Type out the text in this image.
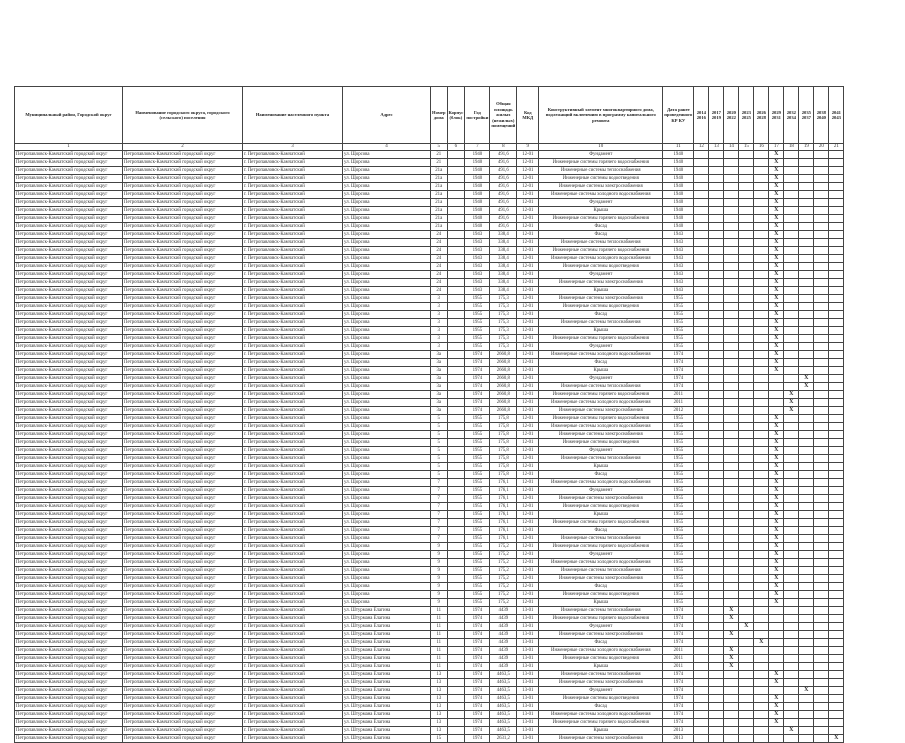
Муниципальный район, Городской округ	Наименование городского округа, городского (сельского) поселения	Наименование населенного пункта	Адрес	Номер дома	Корпус (блок)	Год постройки	Общая площадь жилых (нежилых) помещений	Код МКД	Конструктивный элемент многоквартирного дома, подлежащий включению в программу капитального ремонта	Дата ранее проведенного КР КУ	2014 2016	2017 2019	2020 2022	2023 2025	2026 2028	2029 2031	2032 2034	2035 2037	2038 2040	2041 2043
1	2	3	4	5	6	7	8	9	10	11	12	13	14	15	16	17	18	19	20	21
Петропавловск-Камчатский городской округ	Петропавловск-Камчатский городской округ	г. Петропавловск-Камчатский	ул. Щорсова	21		1940	491,6	12-01	Фундамент	1940						X				
Петропавловск-Камчатский городской округ	Петропавловск-Камчатский городской округ	г. Петропавловск-Камчатский	ул. Щорсова	21		1940	491,6	12-01	Инженерные системы горячего водоснабжения	1940						X				
Петропавловск-Камчатский городской округ	Петропавловск-Камчатский городской округ	г. Петропавловск-Камчатский	ул. Щорсова	21а		1940	491,6	12-01	Инженерные системы теплоснабжения	1940						X				
Петропавловск-Камчатский городской округ	Петропавловск-Камчатский городской округ	г. Петропавловск-Камчатский	ул. Щорсова	21а		1940	491,6	12-01	Инженерные системы водоотведения	1940						X				
Петропавловск-Камчатский городской округ	Петропавловск-Камчатский городской округ	г. Петропавловск-Камчатский	ул. Щорсова	21а		1940	491,6	12-01	Инженерные системы электроснабжения	1940						X				
Петропавловск-Камчатский городской округ	Петропавловск-Камчатский городской округ	г. Петропавловск-Камчатский	ул. Щорсова	21а		1940	491,6	12-01	Инженерные системы холодного водоснабжения	1940						X				
Петропавловск-Камчатский городской округ	Петропавловск-Камчатский городской округ	г. Петропавловск-Камчатский	ул. Щорсова	21а		1940	491,6	12-01	Фундамент	1940						X				
Петропавловск-Камчатский городской округ	Петропавловск-Камчатский городской округ	г. Петропавловск-Камчатский	ул. Щорсова	21а		1940	491,6	12-01	Крыша	1940						X				
Петропавловск-Камчатский городской округ	Петропавловск-Камчатский городской округ	г. Петропавловск-Камчатский	ул. Щорсова	21а		1940	491,6	12-01	Инженерные системы горячего водоснабжения	1940						X				
Петропавловск-Камчатский городской округ	Петропавловск-Камчатский городской округ	г. Петропавловск-Камчатский	ул. Щорсова	21а		1940	491,6	12-01	Фасад	1940						X				
Петропавловск-Камчатский городской округ	Петропавловск-Камчатский городской округ	г. Петропавловск-Камчатский	ул. Щорсова	24		1943	338,4	12-01	Фасад	1943						X				
Петропавловск-Камчатский городской округ	Петропавловск-Камчатский городской округ	г. Петропавловск-Камчатский	ул. Щорсова	24		1943	338,4	12-01	Инженерные системы теплоснабжения	1943						X				
Петропавловск-Камчатский городской округ	Петропавловск-Камчатский городской округ	г. Петропавловск-Камчатский	ул. Щорсова	24		1943	338,4	12-01	Инженерные системы горячего водоснабжения	1943						X				
Петропавловск-Камчатский городской округ	Петропавловск-Камчатский городской округ	г. Петропавловск-Камчатский	ул. Щорсова	24		1943	338,4	12-01	Инженерные системы холодного водоснабжения	1943						X				
Петропавловск-Камчатский городской округ	Петропавловск-Камчатский городской округ	г. Петропавловск-Камчатский	ул. Щорсова	24		1943	338,4	12-01	Инженерные системы водоотведения	1943						X				
Петропавловск-Камчатский городской округ	Петропавловск-Камчатский городской округ	г. Петропавловск-Камчатский	ул. Щорсова	24		1943	338,4	12-01	Фундамент	1943						X				
Петропавловск-Камчатский городской округ	Петропавловск-Камчатский городской округ	г. Петропавловск-Камчатский	ул. Щорсова	24		1943	338,4	12-01	Инженерные системы электроснабжения	1943						X				
Петропавловск-Камчатский городской округ	Петропавловск-Камчатский городской округ	г. Петропавловск-Камчатский	ул. Щорсова	24		1943	338,4	12-01	Крыша	1943						X				
Петропавловск-Камчатский городской округ	Петропавловск-Камчатский городской округ	г. Петропавловск-Камчатский	ул. Щорсова	3		1955	175,3	12-01	Инженерные системы электроснабжения	1955						X				
Петропавловск-Камчатский городской округ	Петропавловск-Камчатский городской округ	г. Петропавловск-Камчатский	ул. Щорсова	3		1955	175,3	12-01	Инженерные системы водоотведения	1955						X				
Петропавловск-Камчатский городской округ	Петропавловск-Камчатский городской округ	г. Петропавловск-Камчатский	ул. Щорсова	3		1955	175,3	12-01	Фасад	1955						X				
Петропавловск-Камчатский городской округ	Петропавловск-Камчатский городской округ	г. Петропавловск-Камчатский	ул. Щорсова	3		1955	175,3	12-01	Инженерные системы теплоснабжения	1955						X				
Петропавловск-Камчатский городской округ	Петропавловск-Камчатский городской округ	г. Петропавловск-Камчатский	ул. Щорсова	3		1955	175,3	12-01	Крыша	1955						X				
Петропавловск-Камчатский городской округ	Петропавловск-Камчатский городской округ	г. Петропавловск-Камчатский	ул. Щорсова	3		1955	175,3	12-01	Инженерные системы горячего водоснабжения	1955						X				
Петропавловск-Камчатский городской округ	Петропавловск-Камчатский городской округ	г. Петропавловск-Камчатский	ул. Щорсова	3		1955	175,3	12-01	Фундамент	1955						X				
Петропавловск-Камчатский городской округ	Петропавловск-Камчатский городской округ	г. Петропавловск-Камчатский	ул. Щорсова	3а		1974	2660,8	12-01	Инженерные системы холодного водоснабжения	1974						X				
Петропавловск-Камчатский городской округ	Петропавловск-Камчатский городской округ	г. Петропавловск-Камчатский	ул. Щорсова	3а		1974	2660,8	12-01	Фасад	1974						X				
Петропавловск-Камчатский городской округ	Петропавловск-Камчатский городской округ	г. Петропавловск-Камчатский	ул. Щорсова	3а		1974	2660,8	12-01	Крыша	1974						X				
Петропавловск-Камчатский городской округ	Петропавловск-Камчатский городской округ	г. Петропавловск-Камчатский	ул. Щорсова	3а		1974	2660,8	12-01	Фундамент	1974								X		
Петропавловск-Камчатский городской округ	Петропавловск-Камчатский городской округ	г. Петропавловск-Камчатский	ул. Щорсова	3а		1974	2660,8	12-01	Инженерные системы теплоснабжения	1974								X		
Петропавловск-Камчатский городской округ	Петропавловск-Камчатский городской округ	г. Петропавловск-Камчатский	ул. Щорсова	3а		1974	2660,8	12-01	Инженерные системы горячего водоснабжения	2011							X			
Петропавловск-Камчатский городской округ	Петропавловск-Камчатский городской округ	г. Петропавловск-Камчатский	ул. Щорсова	3а		1974	2660,8	12-01	Инженерные системы холодного водоснабжения	2011							X			
Петропавловск-Камчатский городской округ	Петропавловск-Камчатский городской округ	г. Петропавловск-Камчатский	ул. Щорсова	3а		1974	2660,8	12-01	Инженерные системы электроснабжения	2012							X			
Петропавловск-Камчатский городской округ	Петропавловск-Камчатский городской округ	г. Петропавловск-Камчатский	ул. Щорсова	5		1955	175,8	12-01	Инженерные системы горячего водоснабжения	1955						X				
Петропавловск-Камчатский городской округ	Петропавловск-Камчатский городской округ	г. Петропавловск-Камчатский	ул. Щорсова	5		1955	175,8	12-01	Инженерные системы холодного водоснабжения	1955						X				
Петропавловск-Камчатский городской округ	Петропавловск-Камчатский городской округ	г. Петропавловск-Камчатский	ул. Щорсова	5		1955	175,8	12-01	Инженерные системы электроснабжения	1955						X				
Петропавловск-Камчатский городской округ	Петропавловск-Камчатский городской округ	г. Петропавловск-Камчатский	ул. Щорсова	5		1955	175,8	12-01	Инженерные системы водоотведения	1955						X				
Петропавловск-Камчатский городской округ	Петропавловск-Камчатский городской округ	г. Петропавловск-Камчатский	ул. Щорсова	5		1955	175,8	12-01	Фундамент	1955						X				
Петропавловск-Камчатский городской округ	Петропавловск-Камчатский городской округ	г. Петропавловск-Камчатский	ул. Щорсова	5		1955	175,8	12-01	Инженерные системы теплоснабжения	1955						X				
Петропавловск-Камчатский городской округ	Петропавловск-Камчатский городской округ	г. Петропавловск-Камчатский	ул. Щорсова	5		1955	175,8	12-01	Крыша	1955						X				
Петропавловск-Камчатский городской округ	Петропавловск-Камчатский городской округ	г. Петропавловск-Камчатский	ул. Щорсова	5		1955	175,8	12-01	Фасад	1955						X				
Петропавловск-Камчатский городской округ	Петропавловск-Камчатский городской округ	г. Петропавловск-Камчатский	ул. Щорсова	7		1955	176,1	12-01	Инженерные системы холодного водоснабжения	1955						X				
Петропавловск-Камчатский городской округ	Петропавловск-Камчатский городской округ	г. Петропавловск-Камчатский	ул. Щорсова	7		1955	176,1	12-01	Фундамент	1955						X				
Петропавловск-Камчатский городской округ	Петропавловск-Камчатский городской округ	г. Петропавловск-Камчатский	ул. Щорсова	7		1955	176,1	12-01	Инженерные системы электроснабжения	1955						X				
Петропавловск-Камчатский городской округ	Петропавловск-Камчатский городской округ	г. Петропавловск-Камчатский	ул. Щорсова	7		1955	176,1	12-01	Инженерные системы водоотведения	1955						X				
Петропавловск-Камчатский городской округ	Петропавловск-Камчатский городской округ	г. Петропавловск-Камчатский	ул. Щорсова	7		1955	176,1	12-01	Крыша	1955						X				
Петропавловск-Камчатский городской округ	Петропавловск-Камчатский городской округ	г. Петропавловск-Камчатский	ул. Щорсова	7		1955	176,1	12-01	Инженерные системы горячего водоснабжения	1955						X				
Петропавловск-Камчатский городской округ	Петропавловск-Камчатский городской округ	г. Петропавловск-Камчатский	ул. Щорсова	7		1955	176,1	12-01	Фасад	1955						X				
Петропавловск-Камчатский городской округ	Петропавловск-Камчатский городской округ	г. Петропавловск-Камчатский	ул. Щорсова	7		1955	176,1	12-01	Инженерные системы теплоснабжения	1955						X				
Петропавловск-Камчатский городской округ	Петропавловск-Камчатский городской округ	г. Петропавловск-Камчатский	ул. Щорсова	9		1955	175,2	12-01	Инженерные системы горячего водоснабжения	1955						X				
Петропавловск-Камчатский городской округ	Петропавловск-Камчатский городской округ	г. Петропавловск-Камчатский	ул. Щорсова	9		1955	175,2	12-01	Фундамент	1955						X				
Петропавловск-Камчатский городской округ	Петропавловск-Камчатский городской округ	г. Петропавловск-Камчатский	ул. Щорсова	9		1955	175,2	12-01	Инженерные системы холодного водоснабжения	1955						X				
Петропавловск-Камчатский городской округ	Петропавловск-Камчатский городской округ	г. Петропавловск-Камчатский	ул. Щорсова	9		1955	175,2	12-01	Инженерные системы теплоснабжения	1955						X				
Петропавловск-Камчатский городской округ	Петропавловск-Камчатский городской округ	г. Петропавловск-Камчатский	ул. Щорсова	9		1955	175,2	12-01	Инженерные системы электроснабжения	1955						X				
Петропавловск-Камчатский городской округ	Петропавловск-Камчатский городской округ	г. Петропавловск-Камчатский	ул. Щорсова	9		1955	175,2	12-01	Фасад	1955						X				
Петропавловск-Камчатский городской округ	Петропавловск-Камчатский городской округ	г. Петропавловск-Камчатский	ул. Щорсова	9		1955	175,2	12-01	Инженерные системы водоотведения	1955						X				
Петропавловск-Камчатский городской округ	Петропавловск-Камчатский городской округ	г. Петропавловск-Камчатский	ул. Щорсова	9		1955	175,2	12-01	Крыша	1955						X				
Петропавловск-Камчатский городской округ	Петропавловск-Камчатский городской округ	г. Петропавловск-Камчатский	ул. Штурмана Елагина	11		1974	4439	13-01	Инженерные системы теплоснабжения	1974			X							
Петропавловск-Камчатский городской округ	Петропавловск-Камчатский городской округ	г. Петропавловск-Камчатский	ул. Штурмана Елагина	11		1974	4439	13-01	Инженерные системы горячего водоснабжения	1974			X							
Петропавловск-Камчатский городской округ	Петропавловск-Камчатский городской округ	г. Петропавловск-Камчатский	ул. Штурмана Елагина	11		1974	4439	13-01	Фундамент	1974				X						
Петропавловск-Камчатский городской округ	Петропавловск-Камчатский городской округ	г. Петропавловск-Камчатский	ул. Штурмана Елагина	11		1974	4439	13-01	Инженерные системы электроснабжения	1974			X							
Петропавловск-Камчатский городской округ	Петропавловск-Камчатский городской округ	г. Петропавловск-Камчатский	ул. Штурмана Елагина	11		1974	4439	13-01	Фасад	1974					X					
Петропавловск-Камчатский городской округ	Петропавловск-Камчатский городской округ	г. Петропавловск-Камчатский	ул. Штурмана Елагина	11		1974	4439	13-01	Инженерные системы холодного водоснабжения	2011			X							
Петропавловск-Камчатский городской округ	Петропавловск-Камчатский городской округ	г. Петропавловск-Камчатский	ул. Штурмана Елагина	11		1974	4439	13-01	Инженерные системы водоотведения	2011			X							
Петропавловск-Камчатский городской округ	Петропавловск-Камчатский городской округ	г. Петропавловск-Камчатский	ул. Штурмана Елагина	11		1974	4439	13-01	Крыша	2011			X							
Петропавловск-Камчатский городской округ	Петропавловск-Камчатский городской округ	г. Петропавловск-Камчатский	ул. Штурмана Елагина	13		1974	4463,5	13-01	Инженерные системы теплоснабжения	1974						X				
Петропавловск-Камчатский городской округ	Петропавловск-Камчатский городской округ	г. Петропавловск-Камчатский	ул. Штурмана Елагина	13		1974	4463,5	13-01	Инженерные системы электроснабжения	1974						X				
Петропавловск-Камчатский городской округ	Петропавловск-Камчатский городской округ	г. Петропавловск-Камчатский	ул. Штурмана Елагина	13		1974	4463,5	13-01	Фундамент	1974								X		
Петропавловск-Камчатский городской округ	Петропавловск-Камчатский городской округ	г. Петропавловск-Камчатский	ул. Штурмана Елагина	13		1974	4463,5	13-01	Инженерные системы водоотведения	1974						X				
Петропавловск-Камчатский городской округ	Петропавловск-Камчатский городской округ	г. Петропавловск-Камчатский	ул. Штурмана Елагина	13		1974	4463,5	13-01	Фасад	1974						X				
Петропавловск-Камчатский городской округ	Петропавловск-Камчатский городской округ	г. Петропавловск-Камчатский	ул. Штурмана Елагина	13		1974	4463,5	13-01	Инженерные системы холодного водоснабжения	1974						X				
Петропавловск-Камчатский городской округ	Петропавловск-Камчатский городской округ	г. Петропавловск-Камчатский	ул. Штурмана Елагина	13		1974	4463,5	13-01	Инженерные системы горячего водоснабжения	1974						X				
Петропавловск-Камчатский городской округ	Петропавловск-Камчатский городской округ	г. Петропавловск-Камчатский	ул. Штурмана Елагина	13		1974	4463,5	13-01	Крыша	2013							X			
Петропавловск-Камчатский городской округ	Петропавловск-Камчатский городской округ	г. Петропавловск-Камчатский	ул. Штурмана Елагина	15		1974	2631,2	13-01	Инженерные системы электроснабжения	2013										X
